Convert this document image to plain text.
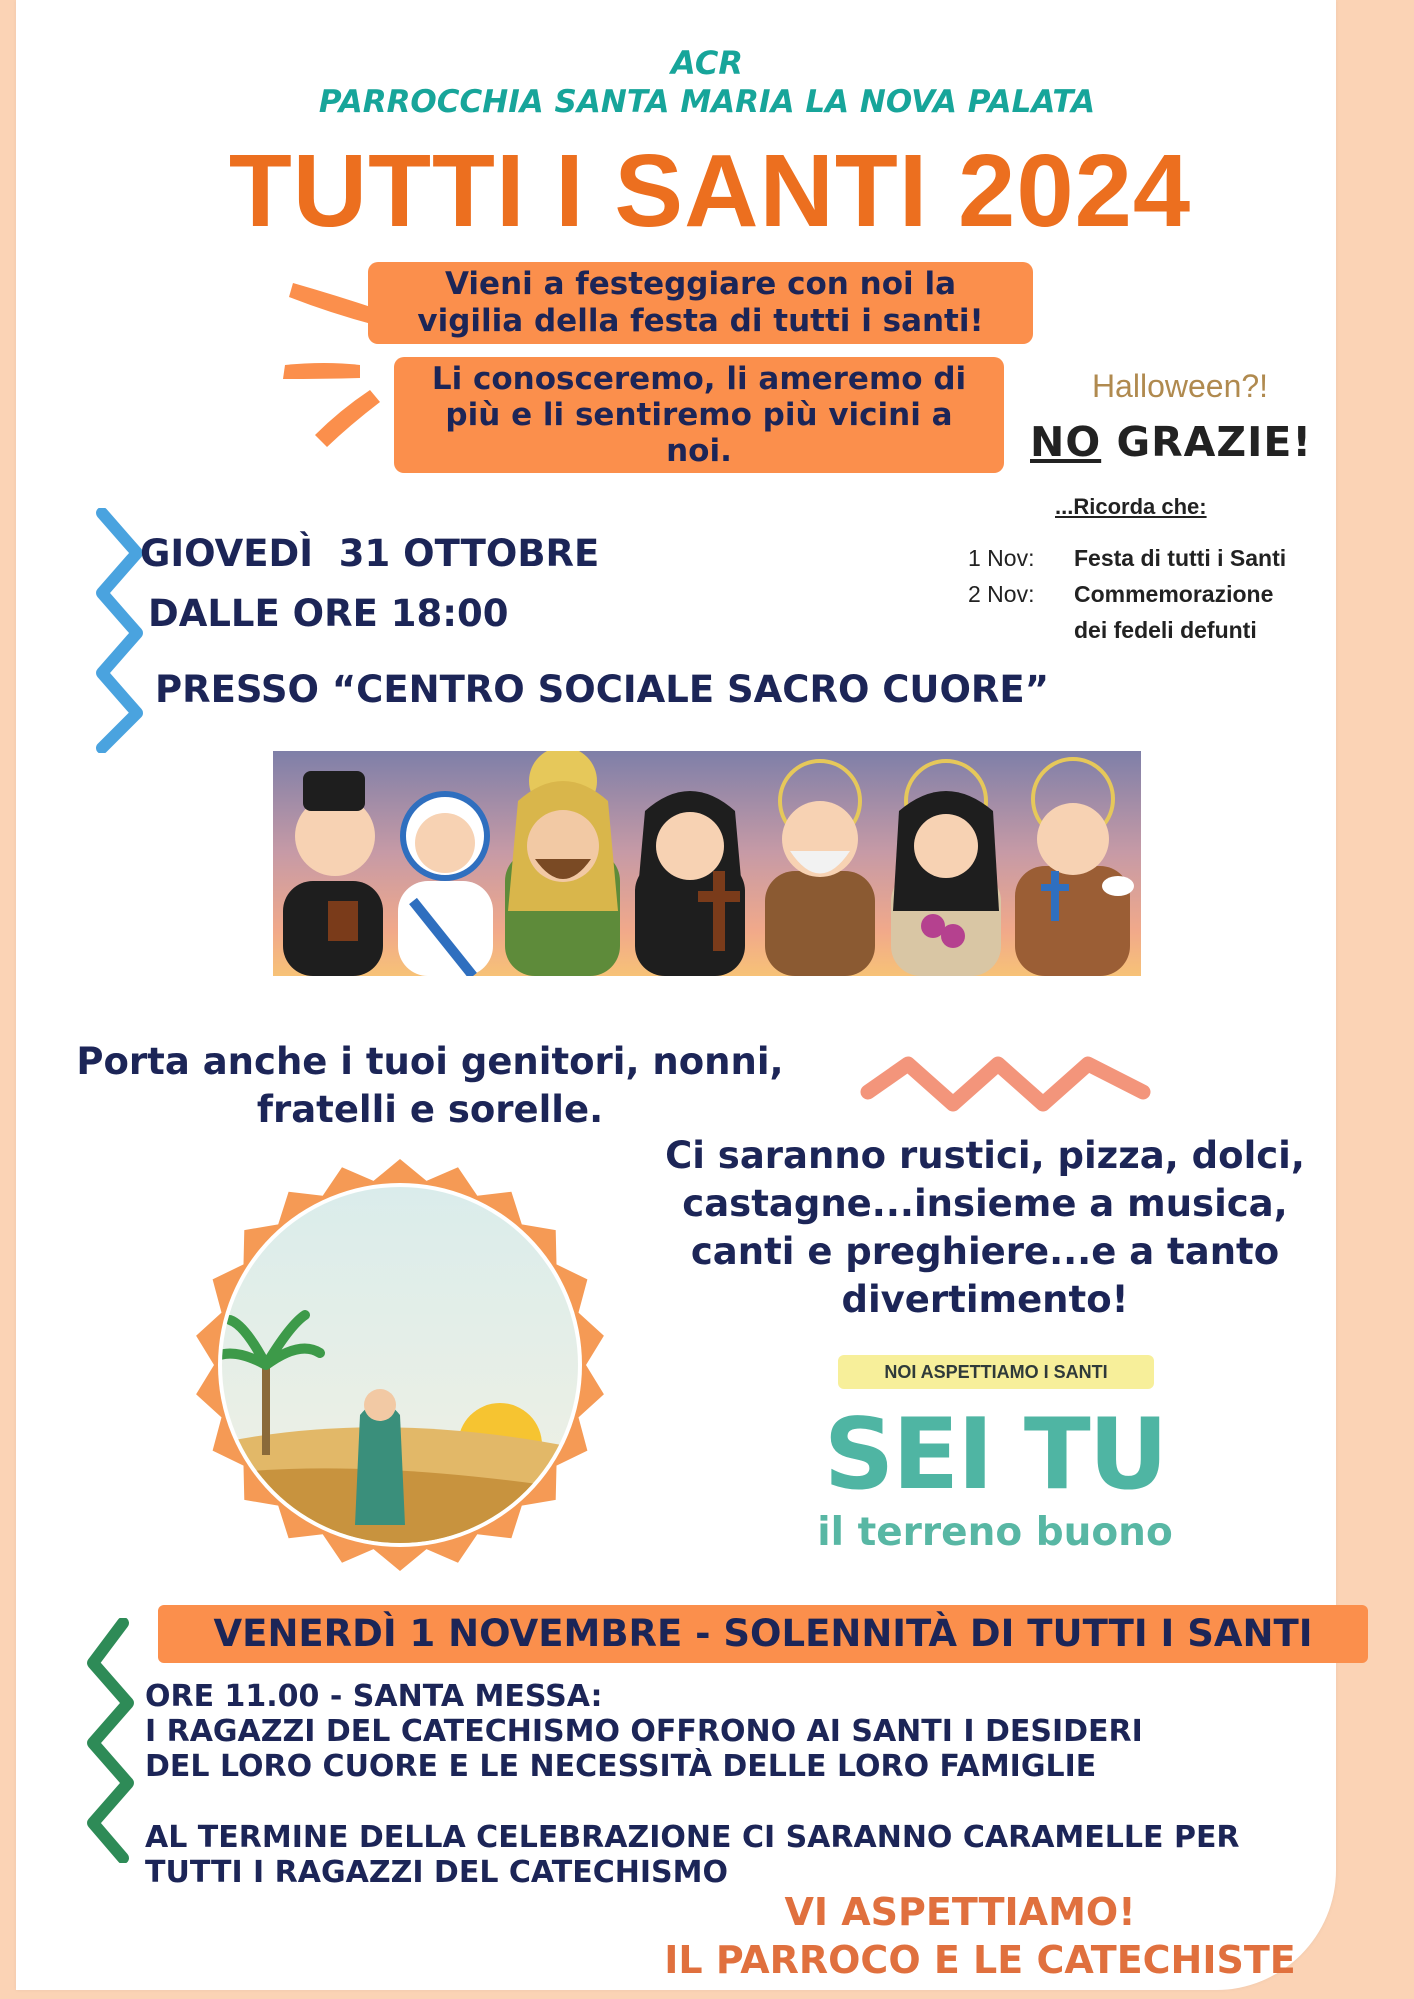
ACR
PARROCCHIA SANTA MARIA LA NOVA PALATA
TUTTI I SANTI 2024
Vieni a festeggiare con noi la
vigilia della festa di tutti i santi!
Li conosceremo, li ameremo di
più e li sentiremo più vicini a
noi.
Halloween?!
NO GRAZIE!
...Ricorda che:
1 Nov:	Festa di tutti i Santi
2 Nov:	Commemorazione
dei fedeli defunti
GIOVEDÌ  31 OTTOBRE
DALLE ORE 18:00
PRESSO “CENTRO SOCIALE SACRO CUORE”
Porta anche i tuoi genitori, nonni,
fratelli e sorelle.
Ci saranno rustici, pizza, dolci,
castagne...insieme a musica,
canti e preghiere...e a tanto
divertimento!
NOI ASPETTIAMO I SANTI
SEI TU
il terreno buono
VENERDÌ 1 NOVEMBRE - SOLENNITÀ DI TUTTI I SANTI
ORE 11.00 - SANTA MESSA:
I RAGAZZI DEL CATECHISMO OFFRONO AI SANTI I DESIDERI
DEL LORO CUORE E LE NECESSITÀ DELLE LORO FAMIGLIE
AL TERMINE DELLA CELEBRAZIONE CI SARANNO CARAMELLE PER
TUTTI I RAGAZZI DEL CATECHISMO
VI ASPETTIAMO!
IL PARROCO E LE CATECHISTE
